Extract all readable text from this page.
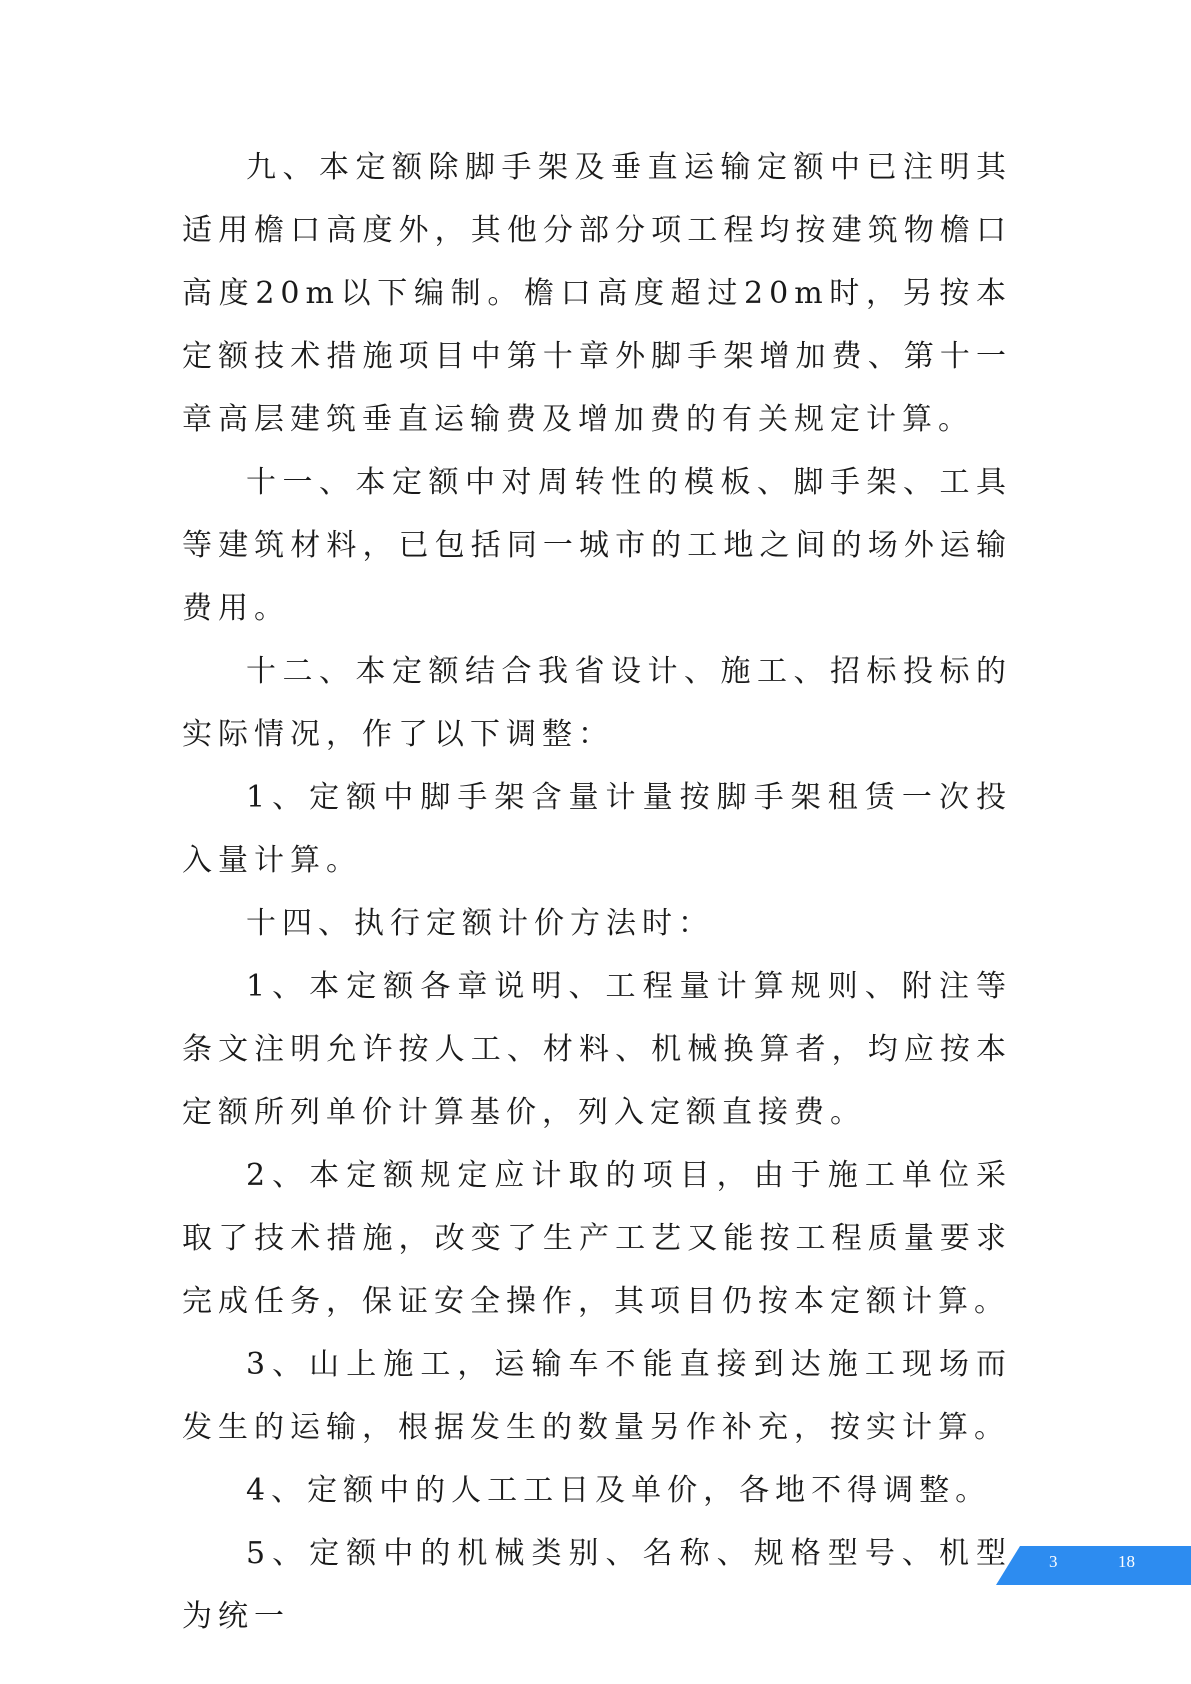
九、本定额除脚手架及垂直运输定额中已注明其适用檐口高度外，其他分部分项工程均按建筑物檐口高度20m以下编制。檐口高度超过20m时，另按本定额技术措施项目中第十章外脚手架增加费、第十一章高层建筑垂直运输费及增加费的有关规定计算。

十一、本定额中对周转性的模板、脚手架、工具等建筑材料，已包括同一城市的工地之间的场外运输费用。

十二、本定额结合我省设计、施工、招标投标的实际情况，作了以下调整：

1、定额中脚手架含量计量按脚手架租赁一次投入量计算。

十四、执行定额计价方法时：

1、本定额各章说明、工程量计算规则、附注等条文注明允许按人工、材料、机械换算者，均应按本定额所列单价计算基价，列入定额直接费。

2、本定额规定应计取的项目，由于施工单位采取了技术措施，改变了生产工艺又能按工程质量要求完成任务，保证安全操作，其项目仍按本定额计算。

3、山上施工，运输车不能直接到达施工现场而发生的运输，根据发生的数量另作补充，按实计算。

4、定额中的人工工日及单价，各地不得调整。

5、定额中的机械类别、名称、规格型号、机型为统一

3	18
